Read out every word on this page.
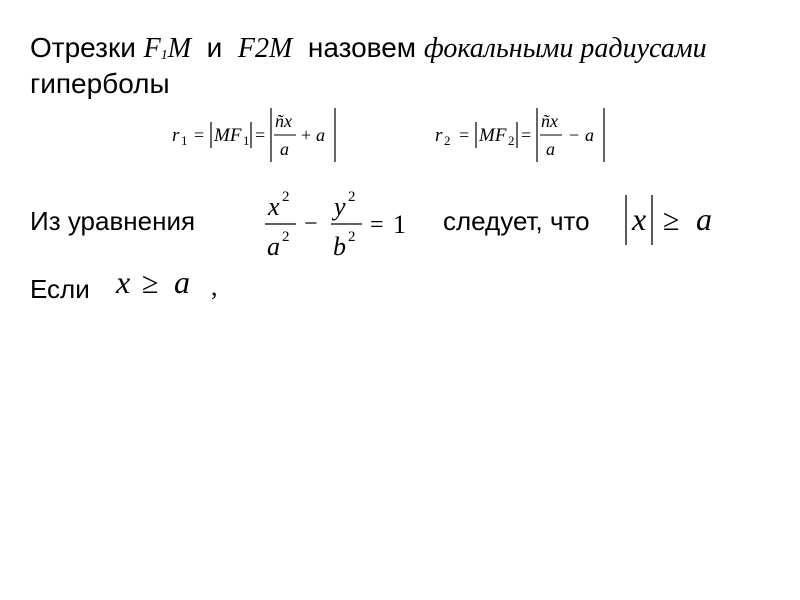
Отрезки F1M и F2M назовем фокальными радиусами
гиперболы
r 1 = MF 1 =
ñx
a
+ a	r 2 = MF 2 =
ñx
a
− a
Из уравнения	x 2
a 2 −
y 2
b 2 = 1 следует, что x ≥ a
Если x ≥ a ,
